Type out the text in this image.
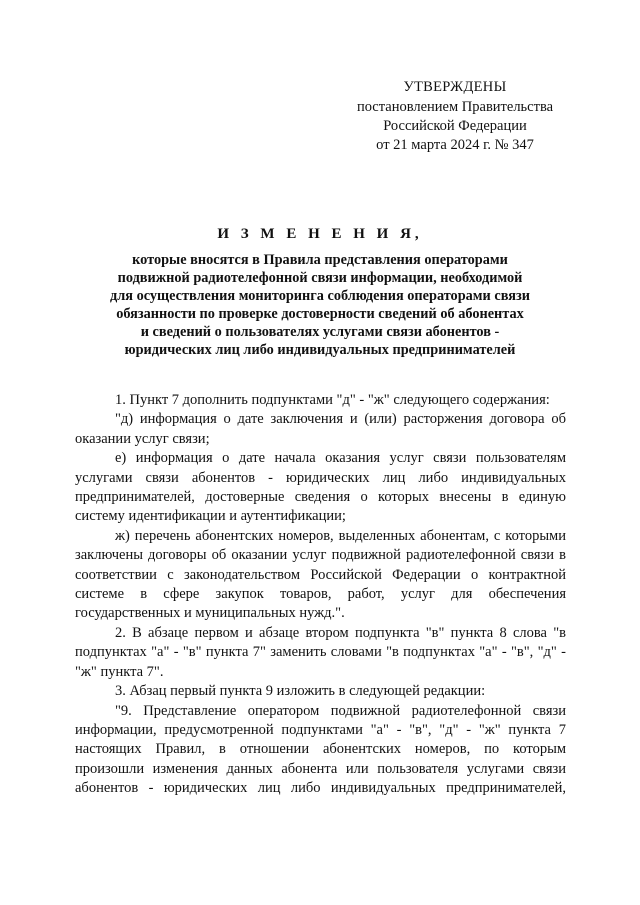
УТВЕРЖДЕНЫ
постановлением Правительства
Российской Федерации
от 21 марта 2024 г. № 347
И З М Е Н Е Н И Я,
которые вносятся в Правила представления операторами
подвижной радиотелефонной связи информации, необходимой
для осуществления мониторинга соблюдения операторами связи
обязанности по проверке достоверности сведений об абонентах
и сведений о пользователях услугами связи абонентов -
юридических лиц либо индивидуальных предпринимателей

1. Пункт 7 дополнить подпунктами "д" - "ж" следующего содержания:

"д) информация о дате заключения и (или) расторжения договора об оказании услуг связи;

е) информация о дате начала оказания услуг связи пользователям услугами связи абонентов - юридических лиц либо индивидуальных предпринимателей, достоверные сведения о которых внесены в единую систему идентификации и аутентификации;

ж) перечень абонентских номеров, выделенных абонентам, с которыми заключены договоры об оказании услуг подвижной радиотелефонной связи в соответствии с законодательством Российской Федерации о контрактной системе в сфере закупок товаров, работ, услуг для обеспечения государственных и муниципальных нужд.".

2. В абзаце первом и абзаце втором подпункта "в" пункта 8 слова "в подпунктах "а" - "в" пункта 7" заменить словами "в подпунктах "а" - "в", "д" - "ж" пункта 7".

3. Абзац первый пункта 9 изложить в следующей редакции:

"9. Представление оператором подвижной радиотелефонной связи информации, предусмотренной подпунктами "а" - "в", "д" - "ж" пункта 7 настоящих Правил, в отношении абонентских номеров, по которым произошли изменения данных абонента или пользователя услугами связи абонентов - юридических лиц либо индивидуальных предпринимателей,
